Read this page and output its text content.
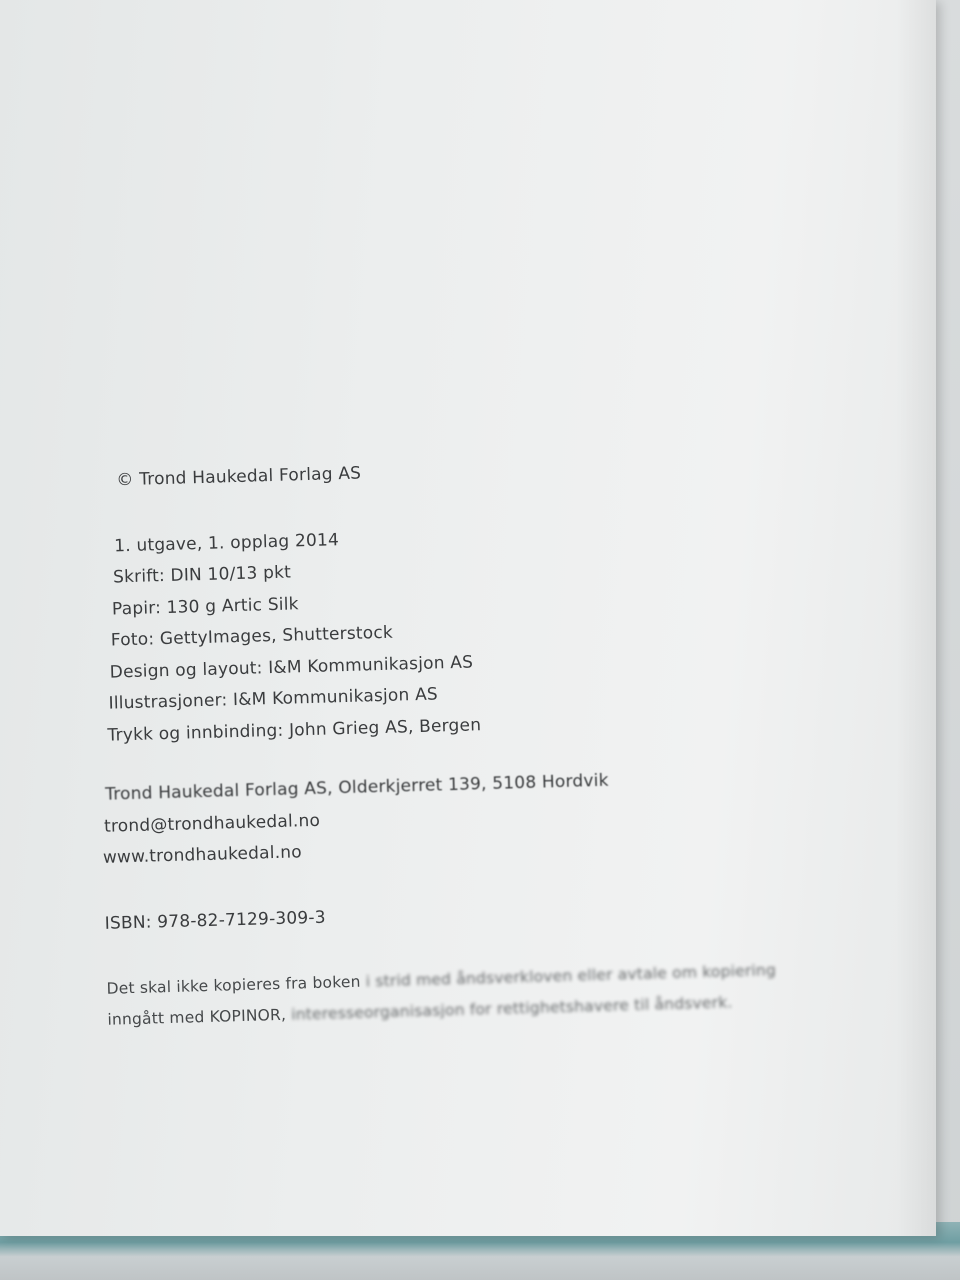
© Trond Haukedal Forlag AS
1. utgave, 1. opplag 2014
Skrift: DIN 10/13 pkt
Papir: 130 g Artic Silk
Foto: GettyImages, Shutterstock
Design og layout: I&M Kommunikasjon AS
Illustrasjoner: I&M Kommunikasjon AS
Trykk og innbinding: John Grieg AS, Bergen
Trond Haukedal Forlag AS, Olderkjerret 139, 5108 Hordvik
trond@trondhaukedal.no
www.trondhaukedal.no
ISBN: 978-82-7129-309-3
Det skal ikke kopieres fra boken i strid med åndsverkloven eller avtale om kopiering
inngått med KOPINOR, interesseorganisasjon for rettighetshavere til åndsverk.
